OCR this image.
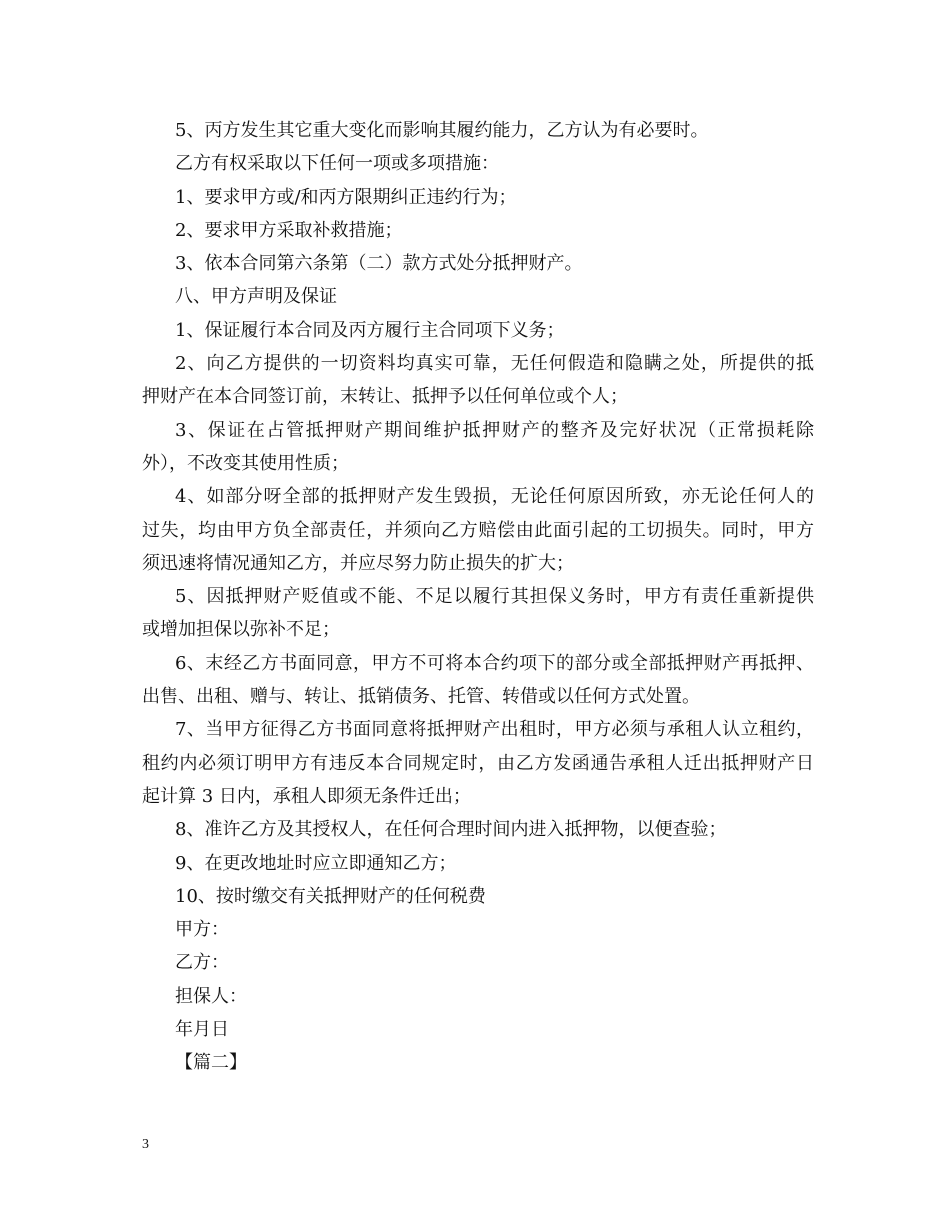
5、丙方发生其它重大变化而影响其履约能力，乙方认为有必要时。
乙方有权采取以下任何一项或多项措施：
1、要求甲方或/和丙方限期纠正违约行为；
2、要求甲方采取补救措施；
3、依本合同第六条第（二）款方式处分抵押财产。
八、甲方声明及保证
1、保证履行本合同及丙方履行主合同项下义务；
2、向乙方提供的一切资料均真实可靠，无任何假造和隐瞒之处，所提供的抵
押财产在本合同签订前，末转让、抵押予以任何单位或个人；
3、保证在占管抵押财产期间维护抵押财产的整齐及完好状况（正常损耗除
外），不改变其使用性质；
4、如部分呀全部的抵押财产发生毁损，无论任何原因所致，亦无论任何人的
过失，均由甲方负全部责任，并须向乙方赔偿由此面引起的工切损失。同时，甲方
须迅速将情况通知乙方，并应尽努力防止损失的扩大；
5、因抵押财产贬值或不能、不足以履行其担保义务时，甲方有责任重新提供
或增加担保以弥补不足；
6、末经乙方书面同意，甲方不可将本合约项下的部分或全部抵押财产再抵押、
出售、出租、赠与、转让、抵销债务、托管、转借或以任何方式处置。
7、当甲方征得乙方书面同意将抵押财产出租时，甲方必须与承租人认立租约，
租约内必须订明甲方有违反本合同规定时，由乙方发函通告承租人迁出抵押财产日
起计算 3 日内，承租人即须无条件迁出；
8、准许乙方及其授权人，在任何合理时间内进入抵押物，以便查验；
9、在更改地址时应立即通知乙方；
10、按时缴交有关抵押财产的任何税费
甲方：
乙方：
担保人：
年月日
【篇二】
3
